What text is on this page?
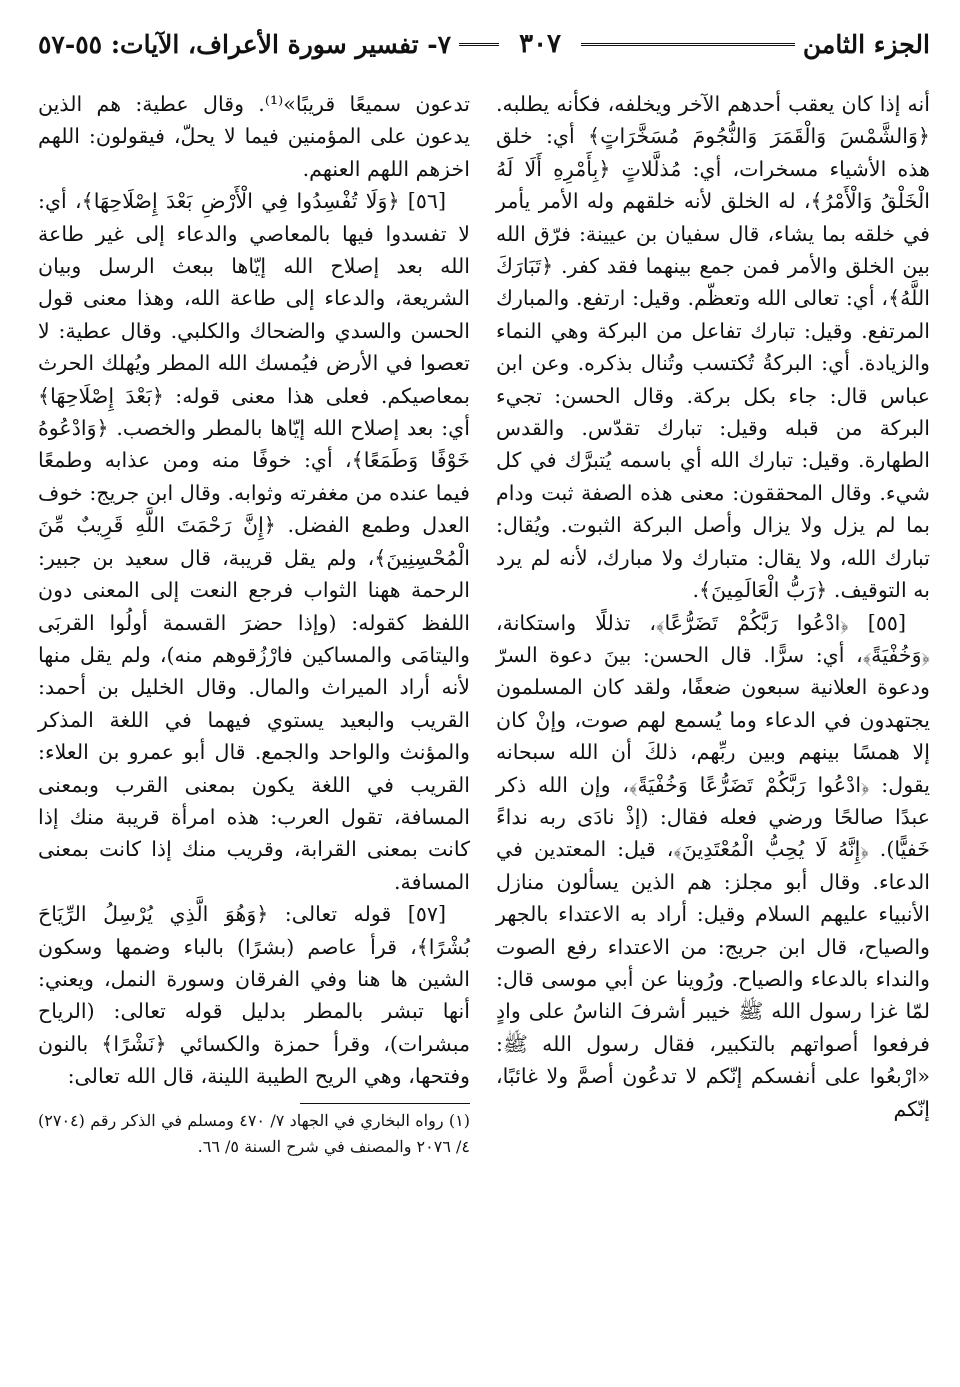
الجزء الثامن
٣٠٧
٧- تفسير سورة الأعراف، الآيات: ٥٥-٥٧

أنه إذا كان يعقب أحدهم الآخر ويخلفه، فكأنه يطلبه. ﴿وَالشَّمْسَ وَالْقَمَرَ وَالنُّجُومَ مُسَخَّرَاتٍ﴾ أي: خلق هذه الأشياء مسخرات، أي: مُذلَّلاتٍ ﴿بِأَمْرِهِ أَلَا لَهُ الْخَلْقُ وَالْأَمْرُ﴾، له الخلق لأنه خلقهم وله الأمر يأمر في خلقه بما يشاء، قال سفيان بن عيينة: فرّق الله بين الخلق والأمر فمن جمع بينهما فقد كفر. ﴿تَبَارَكَ اللَّهُ﴾، أي: تعالى الله وتعظّم. وقيل: ارتفع. والمبارك المرتفع. وقيل: تبارك تفاعل من البركة وهي النماء والزيادة. أي: البركةُ تُكتسب وتُنال بذكره. وعن ابن عباس قال: جاء بكل بركة. وقال الحسن: تجيء البركة من قبله وقيل: تبارك تقدّس. والقدس الطهارة. وقيل: تبارك الله أي باسمه يُتبرَّك في كل شيء. وقال المحققون: معنى هذه الصفة ثبت ودام بما لم يزل ولا يزال وأصل البركة الثبوت. ويُقال: تبارك الله، ولا يقال: متبارك ولا مبارك، لأنه لم يرد به التوقيف. ﴿رَبُّ الْعَالَمِينَ﴾.

[٥٥] ﴿ادْعُوا رَبَّكُمْ تَضَرُّعًا﴾، تذللًا واستكانة، ﴿وَخُفْيَةً﴾، أي: سرًّا. قال الحسن: بينَ دعوة السرّ ودعوة العلانية سبعون ضعفًا، ولقد كان المسلمون يجتهدون في الدعاء وما يُسمع لهم صوت، وإنْ كان إلا همسًا بينهم وبين ربِّهم، ذلكَ أن الله سبحانه يقول: ﴿ادْعُوا رَبَّكُمْ تَضَرُّعًا وَخُفْيَةً﴾، وإن الله ذكر عبدًا صالحًا ورضي فعله فقال: (إذْ نادَى ربه نداءً خَفيًّا). ﴿إِنَّهُ لَا يُحِبُّ الْمُعْتَدِينَ﴾، قيل: المعتدين في الدعاء. وقال أبو مجلز: هم الذين يسألون منازل الأنبياء عليهم السلام وقيل: أراد به الاعتداء بالجهر والصياح، قال ابن جريج: من الاعتداء رفع الصوت والنداء بالدعاء والصياح. ورُوينا عن أبي موسى قال: لمّا غزا رسول الله ﷺ خيبر أشرفَ الناسُ على وادٍ فرفعوا أصواتهم بالتكبير، فقال رسول الله ﷺ: «ارْبعُوا على أنفسكم إنّكم لا تدعُون أصمَّ ولا غائبًا، إنّكم

تدعون سميعًا قريبًا»⁽¹⁾. وقال عطية: هم الذين يدعون على المؤمنين فيما لا يحلّ، فيقولون: اللهم اخزهم اللهم العنهم.

[٥٦] ﴿وَلَا تُفْسِدُوا فِي الْأَرْضِ بَعْدَ إِصْلَاحِهَا﴾، أي: لا تفسدوا فيها بالمعاصي والدعاء إلى غير طاعة الله بعد إصلاح الله إيّاها ببعث الرسل وبيان الشريعة، والدعاء إلى طاعة الله، وهذا معنى قول الحسن والسدي والضحاك والكلبي. وقال عطية: لا تعصوا في الأرض فيُمسك الله المطر ويُهلك الحرث بمعاصيكم. فعلى هذا معنى قوله: ﴿بَعْدَ إِصْلَاحِهَا﴾ أي: بعد إصلاح الله إيّاها بالمطر والخصب. ﴿وَادْعُوهُ خَوْفًا وَطَمَعًا﴾، أي: خوفًا منه ومن عذابه وطمعًا فيما عنده من مغفرته وثوابه. وقال ابن جريج: خوف العدل وطمع الفضل. ﴿إِنَّ رَحْمَتَ اللَّهِ قَرِيبٌ مِّنَ الْمُحْسِنِينَ﴾، ولم يقل قريبة، قال سعيد بن جبير: الرحمة ههنا الثواب فرجع النعت إلى المعنى دون اللفظ كقوله: (وإذا حضرَ القسمة أولُوا القربَى واليتامَى والمساكين فارْزُقوهم منه)، ولم يقل منها لأنه أراد الميراث والمال. وقال الخليل بن أحمد: القريب والبعيد يستوي فيهما في اللغة المذكر والمؤنث والواحد والجمع. قال أبو عمرو بن العلاء: القريب في اللغة يكون بمعنى القرب وبمعنى المسافة، تقول العرب: هذه امرأة قريبة منك إذا كانت بمعنى القرابة، وقريب منك إذا كانت بمعنى المسافة.

[٥٧] قوله تعالى: ﴿وَهُوَ الَّذِي يُرْسِلُ الرِّيَاحَ بُشْرًا﴾، قرأ عاصم (بشرًا) بالباء وضمها وسكون الشين ها هنا وفي الفرقان وسورة النمل، ويعني: أنها تبشر بالمطر بدليل قوله تعالى: (الرياح مبشرات)، وقرأ حمزة والكسائي ﴿نَشْرًا﴾ بالنون وفتحها، وهي الريح الطيبة اللينة، قال الله تعالى:

(١) رواه البخاري في الجهاد ٧/ ٤٧٠ ومسلم في الذكر رقم (٢٧٠٤) ٤/ ٢٠٧٦ والمصنف في شرح السنة ٥/ ٦٦.
